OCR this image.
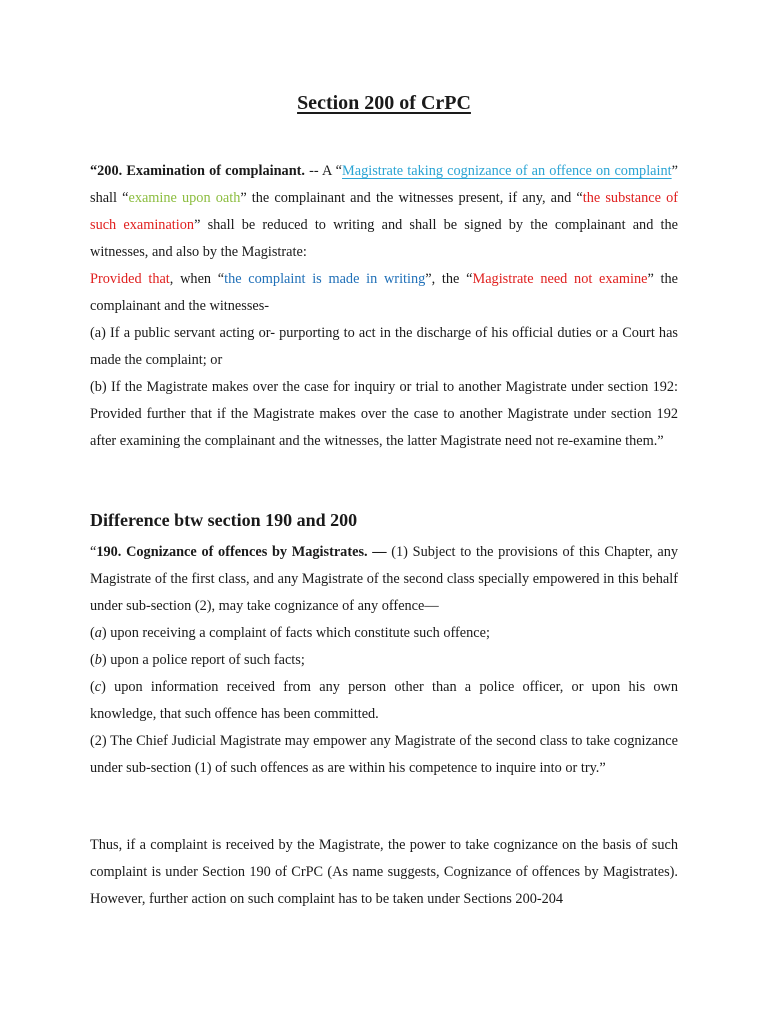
Section 200 of CrPC
“200. Examination of complainant. -- A “Magistrate taking cognizance of an offence on complaint” shall “examine upon oath” the complainant and the witnesses present, if any, and “the substance of such examination” shall be reduced to writing and shall be signed by the complainant and the witnesses, and also by the Magistrate:
Provided that, when “the complaint is made in writing”, the “Magistrate need not examine” the complainant and the witnesses-
(a) If a public servant acting or- purporting to act in the discharge of his official duties or a Court has made the complaint; or
(b) If the Magistrate makes over the case for inquiry or trial to another Magistrate under section 192: Provided further that if the Magistrate makes over the case to another Magistrate under section 192 after examining the complainant and the witnesses, the latter Magistrate need not re-examine them.”
Difference btw section 190 and 200
“190. Cognizance of offences by Magistrates. — (1) Subject to the provisions of this Chapter, any Magistrate of the first class, and any Magistrate of the second class specially empowered in this behalf under sub-section (2), may take cognizance of any offence—
(a) upon receiving a complaint of facts which constitute such offence;
(b) upon a police report of such facts;
(c) upon information received from any person other than a police officer, or upon his own knowledge, that such offence has been committed.
(2) The Chief Judicial Magistrate may empower any Magistrate of the second class to take cognizance under sub-section (1) of such offences as are within his competence to inquire into or try.”
Thus, if a complaint is received by the Magistrate, the power to take cognizance on the basis of such complaint is under Section 190 of CrPC (As name suggests, Cognizance of offences by Magistrates). However, further action on such complaint has to be taken under Sections 200-204
